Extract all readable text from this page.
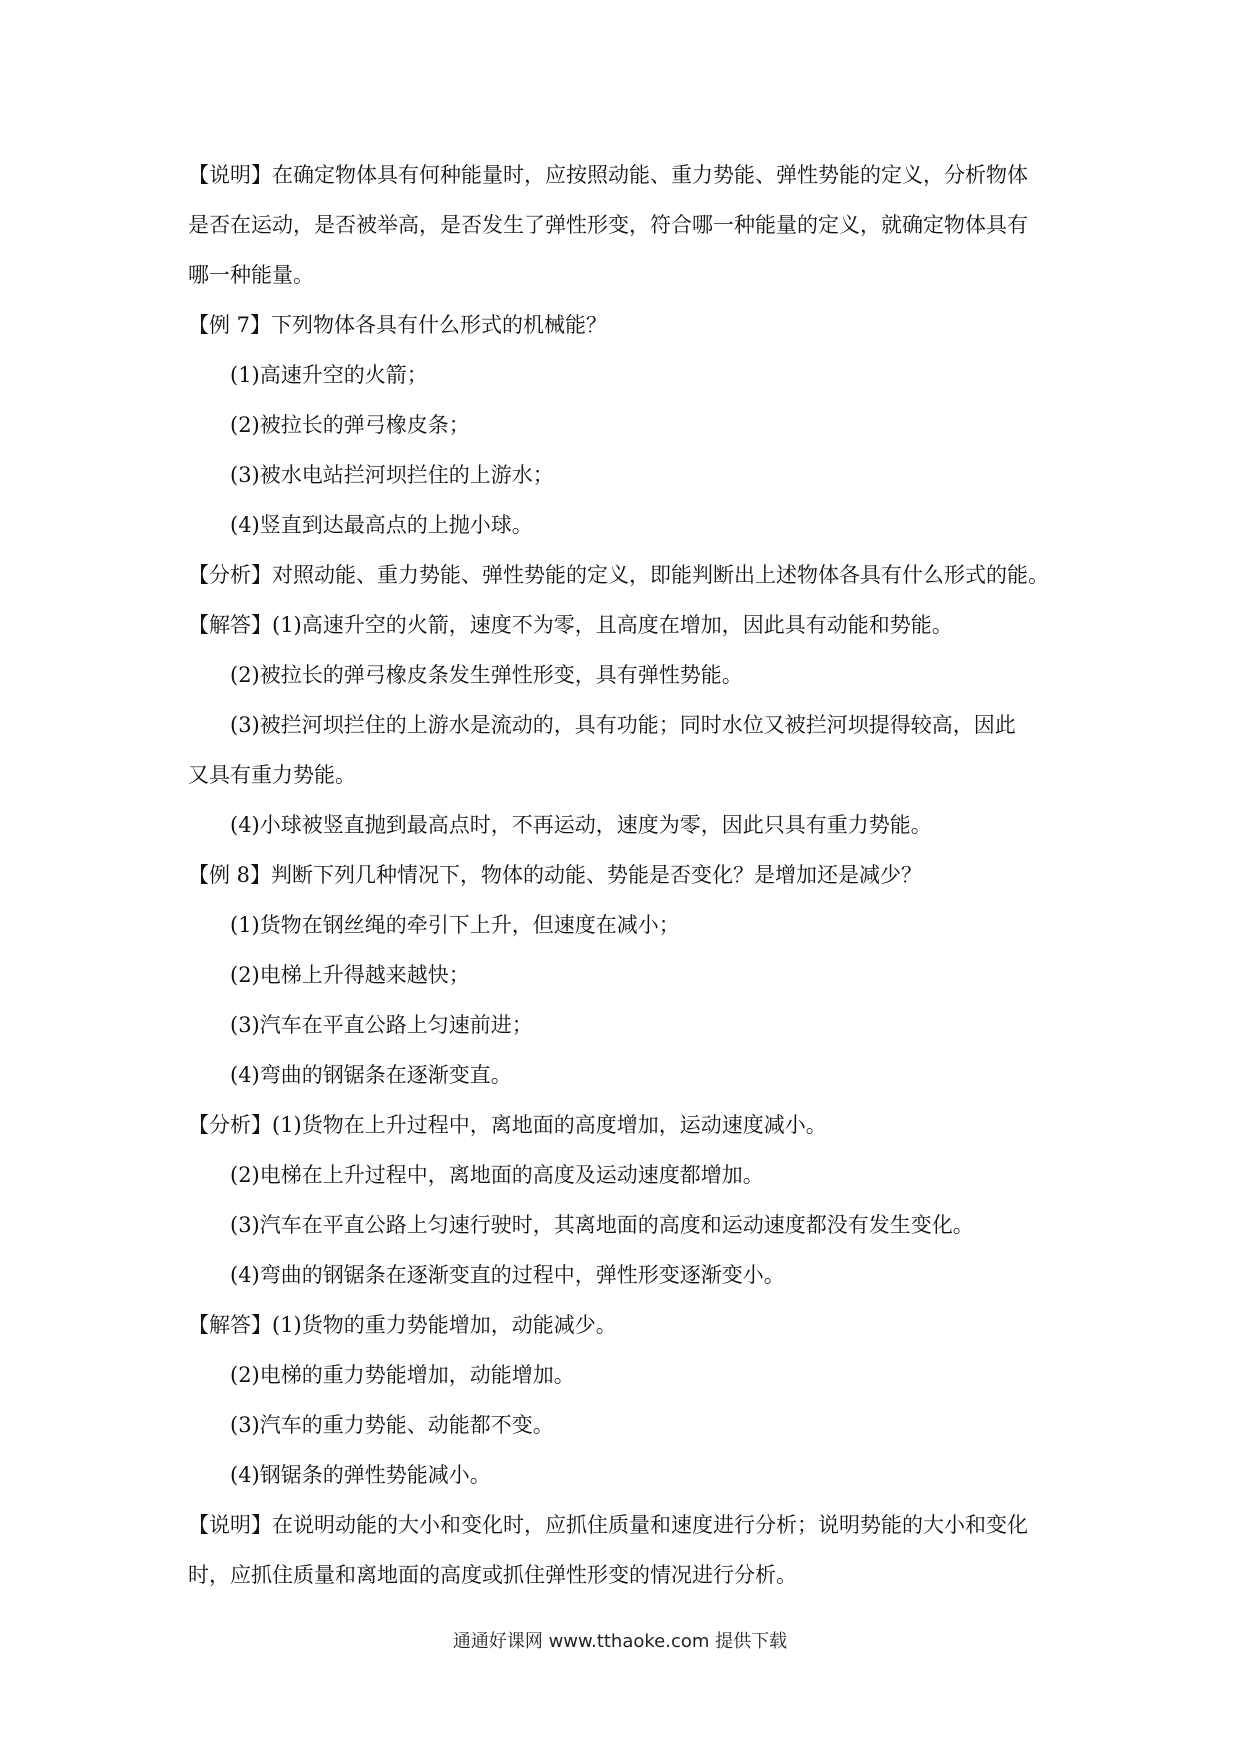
【说明】在确定物体具有何种能量时，应按照动能、重力势能、弹性势能的定义，分析物体
是否在运动，是否被举高，是否发生了弹性形变，符合哪一种能量的定义，就确定物体具有
哪一种能量。
【例 7】下列物体各具有什么形式的机械能？
(1)高速升空的火箭；
(2)被拉长的弹弓橡皮条；
(3)被水电站拦河坝拦住的上游水；
(4)竖直到达最高点的上抛小球。
【分析】对照动能、重力势能、弹性势能的定义，即能判断出上述物体各具有什么形式的能。
【解答】(1)高速升空的火箭，速度不为零，且高度在增加，因此具有动能和势能。
(2)被拉长的弹弓橡皮条发生弹性形变，具有弹性势能。
(3)被拦河坝拦住的上游水是流动的，具有功能；同时水位又被拦河坝提得较高，因此
又具有重力势能。
(4)小球被竖直抛到最高点时，不再运动，速度为零，因此只具有重力势能。
【例 8】判断下列几种情况下，物体的动能、势能是否变化？是增加还是减少？
(1)货物在钢丝绳的牵引下上升，但速度在减小；
(2)电梯上升得越来越快；
(3)汽车在平直公路上匀速前进；
(4)弯曲的钢锯条在逐渐变直。
【分析】(1)货物在上升过程中，离地面的高度增加，运动速度减小。
(2)电梯在上升过程中，离地面的高度及运动速度都增加。
(3)汽车在平直公路上匀速行驶时，其离地面的高度和运动速度都没有发生变化。
(4)弯曲的钢锯条在逐渐变直的过程中，弹性形变逐渐变小。
【解答】(1)货物的重力势能增加，动能减少。
(2)电梯的重力势能增加，动能增加。
(3)汽车的重力势能、动能都不变。
(4)钢锯条的弹性势能减小。
【说明】在说明动能的大小和变化时，应抓住质量和速度进行分析；说明势能的大小和变化
时，应抓住质量和离地面的高度或抓住弹性形变的情况进行分析。
通通好课网 www.tthaoke.com 提供下载
